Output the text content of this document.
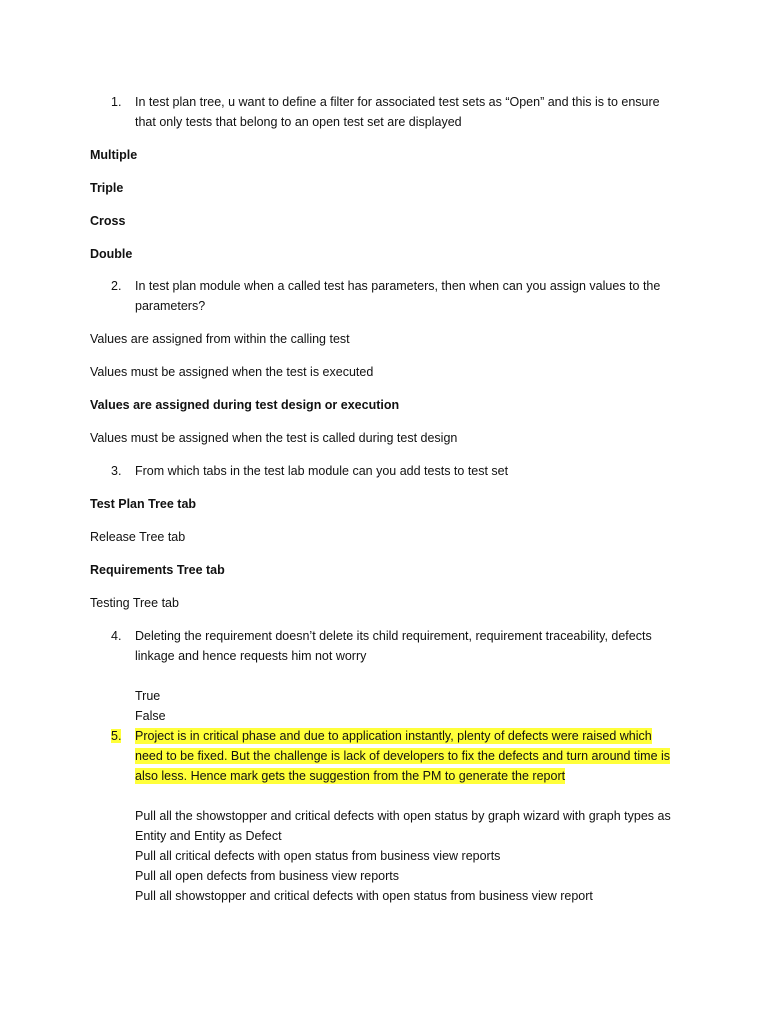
1.	In test plan tree, u want to define a filter for associated test sets as “Open” and this is to ensure that only tests that belong to an open test set are displayed
Multiple
Triple
Cross
Double
2.	In test plan module when a called test has parameters, then when can you assign values to the parameters?
Values are assigned from within the calling test
Values must be assigned when the test is executed
Values are assigned during test design or execution
Values must be assigned when the test is called during test design
3.	From which tabs in the test lab module can you add tests to test set
Test Plan Tree tab
Release Tree tab
Requirements Tree tab
Testing Tree tab
4.	Deleting the requirement doesn’t delete its child requirement, requirement traceability, defects linkage and hence requests him not worry
True
False
5.	Project is in critical phase and due to application instantly, plenty of defects were raised which need to be fixed. But the challenge is lack of developers to fix the defects and turn around time is also less. Hence mark gets the suggestion from the PM to generate the report
Pull all the showstopper and critical defects with open status by graph wizard with graph types as Entity and Entity as Defect
Pull all critical defects with open status from business view reports
Pull all open defects from business view reports
Pull all showstopper and critical defects with open status from business view report
